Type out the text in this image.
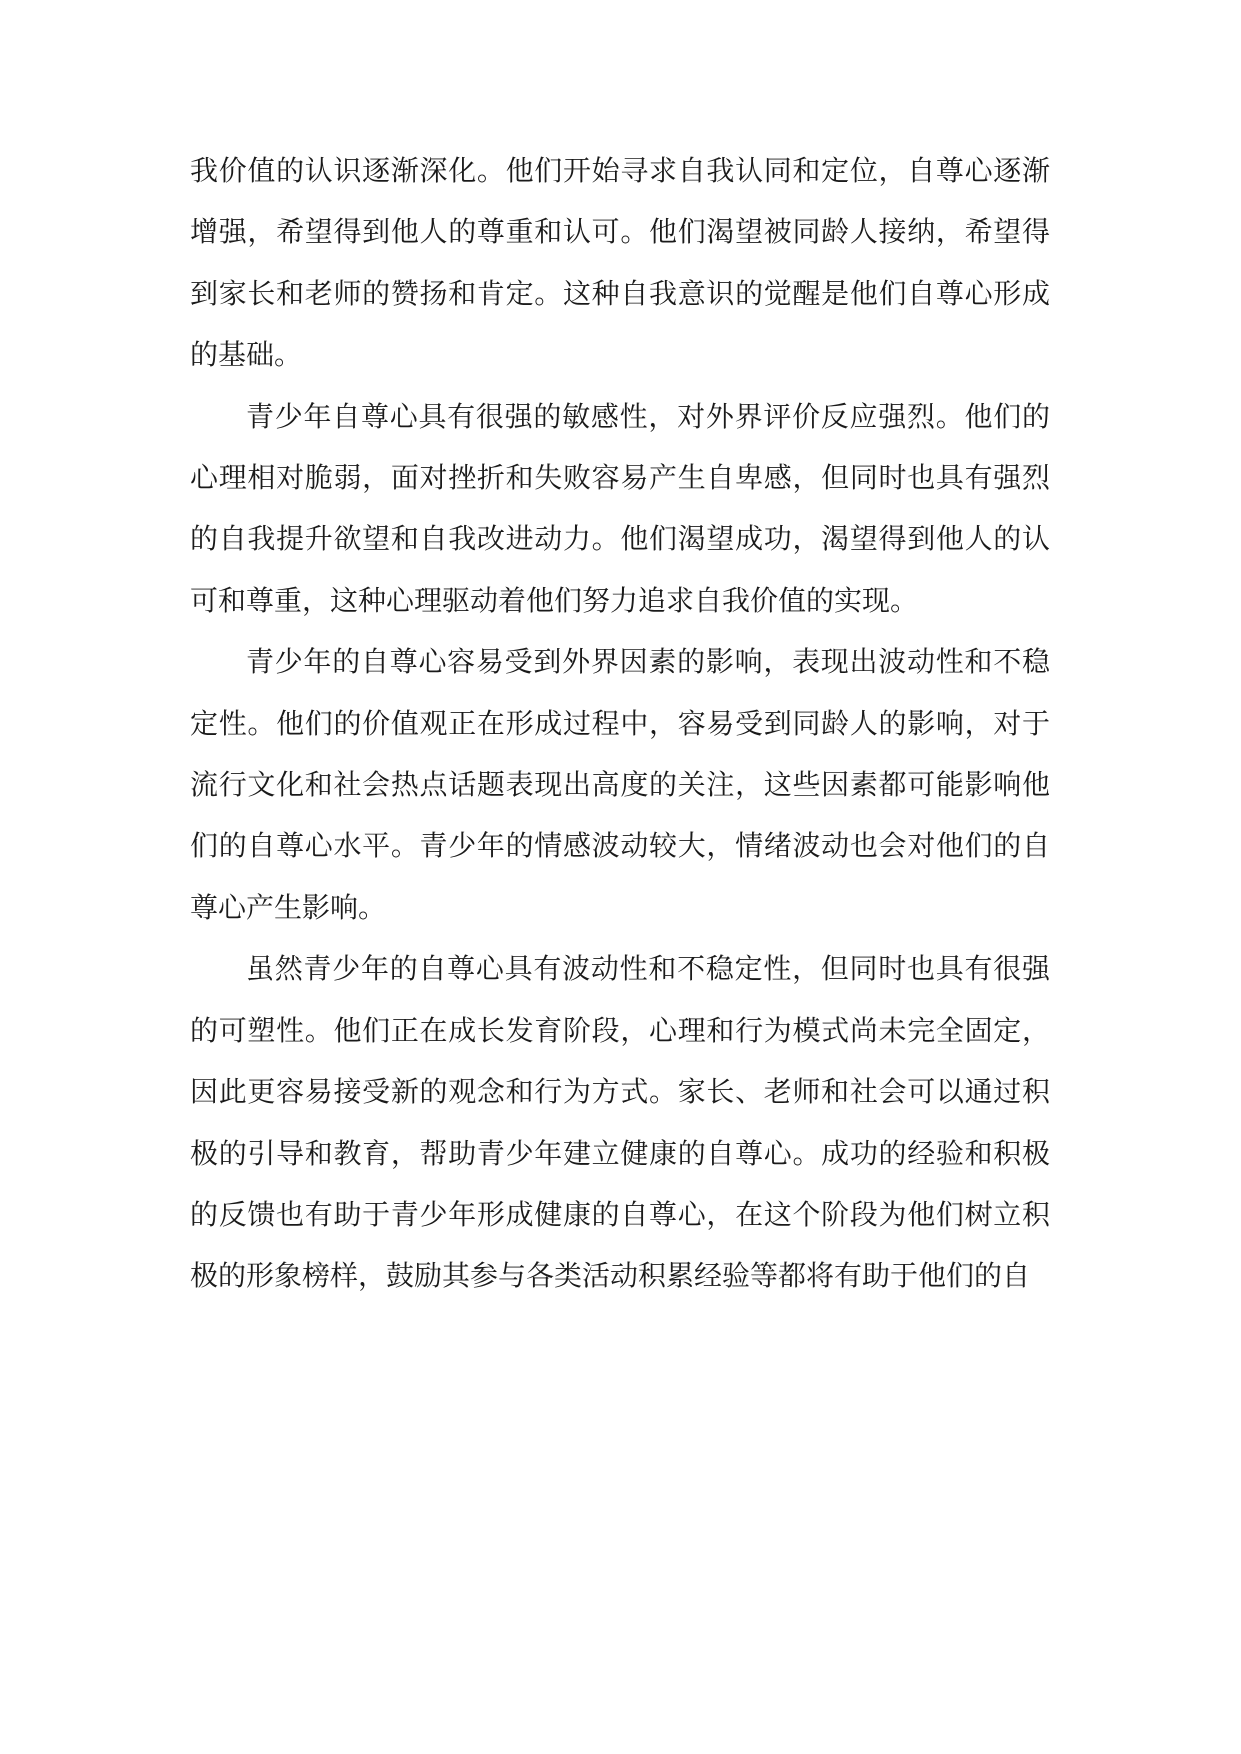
我价值的认识逐渐深化。他们开始寻求自我认同和定位，自尊心逐渐增强，希望得到他人的尊重和认可。他们渴望被同龄人接纳，希望得到家长和老师的赞扬和肯定。这种自我意识的觉醒是他们自尊心形成的基础。

青少年自尊心具有很强的敏感性，对外界评价反应强烈。他们的心理相对脆弱，面对挫折和失败容易产生自卑感，但同时也具有强烈的自我提升欲望和自我改进动力。他们渴望成功，渴望得到他人的认可和尊重，这种心理驱动着他们努力追求自我价值的实现。

青少年的自尊心容易受到外界因素的影响，表现出波动性和不稳定性。他们的价值观正在形成过程中，容易受到同龄人的影响，对于流行文化和社会热点话题表现出高度的关注，这些因素都可能影响他们的自尊心水平。青少年的情感波动较大，情绪波动也会对他们的自尊心产生影响。

虽然青少年的自尊心具有波动性和不稳定性，但同时也具有很强的可塑性。他们正在成长发育阶段，心理和行为模式尚未完全固定，因此更容易接受新的观念和行为方式。家长、老师和社会可以通过积极的引导和教育，帮助青少年建立健康的自尊心。成功的经验和积极的反馈也有助于青少年形成健康的自尊心，在这个阶段为他们树立积极的形象榜样，鼓励其参与各类活动积累经验等都将有助于他们的自
